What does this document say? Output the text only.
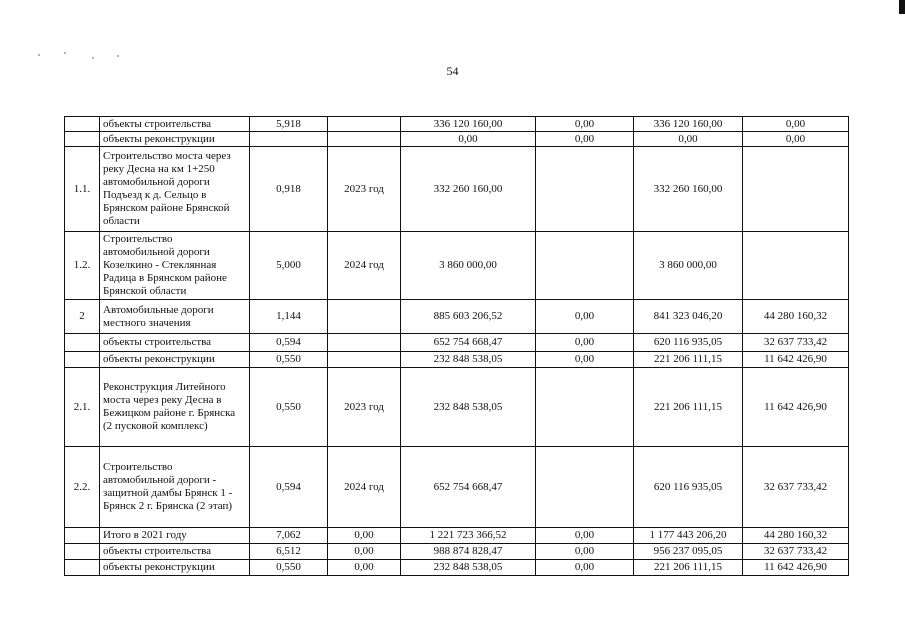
54
	объекты строительства	5,918		336 120 160,00	0,00	336 120 160,00	0,00
	объекты реконструкции			0,00	0,00	0,00	0,00
1.1.	Строительство моста через реку Десна на км 1+250 автомобильной дороги Подъезд к д. Сельцо в Брянском районе Брянской области	0,918	2023 год	332 260 160,00		332 260 160,00	
1.2.	Строительство автомобильной дороги Козелкино - Стеклянная Радица в Брянском районе Брянской области	5,000	2024 год	3 860 000,00		3 860 000,00	
2	Автомобильные дороги местного значения	1,144		885 603 206,52	0,00	841 323 046,20	44 280 160,32
	объекты строительства	0,594		652 754 668,47	0,00	620 116 935,05	32 637 733,42
	объекты реконструкции	0,550		232 848 538,05	0,00	221 206 111,15	11 642 426,90
2.1.	Реконструкция Литейного моста через реку Десна в Бежицком районе г. Брянска (2 пусковой комплекс)	0,550	2023 год	232 848 538,05		221 206 111,15	11 642 426,90
2.2.	Строительство автомобильной дороги - защитной дамбы Брянск 1 - Брянск 2 г. Брянска (2 этап)	0,594	2024 год	652 754 668,47		620 116 935,05	32 637 733,42
	Итого в 2021 году	7,062	0,00	1 221 723 366,52	0,00	1 177 443 206,20	44 280 160,32
	объекты строительства	6,512	0,00	988 874 828,47	0,00	956 237 095,05	32 637 733,42
	объекты реконструкции	0,550	0,00	232 848 538,05	0,00	221 206 111,15	11 642 426,90
